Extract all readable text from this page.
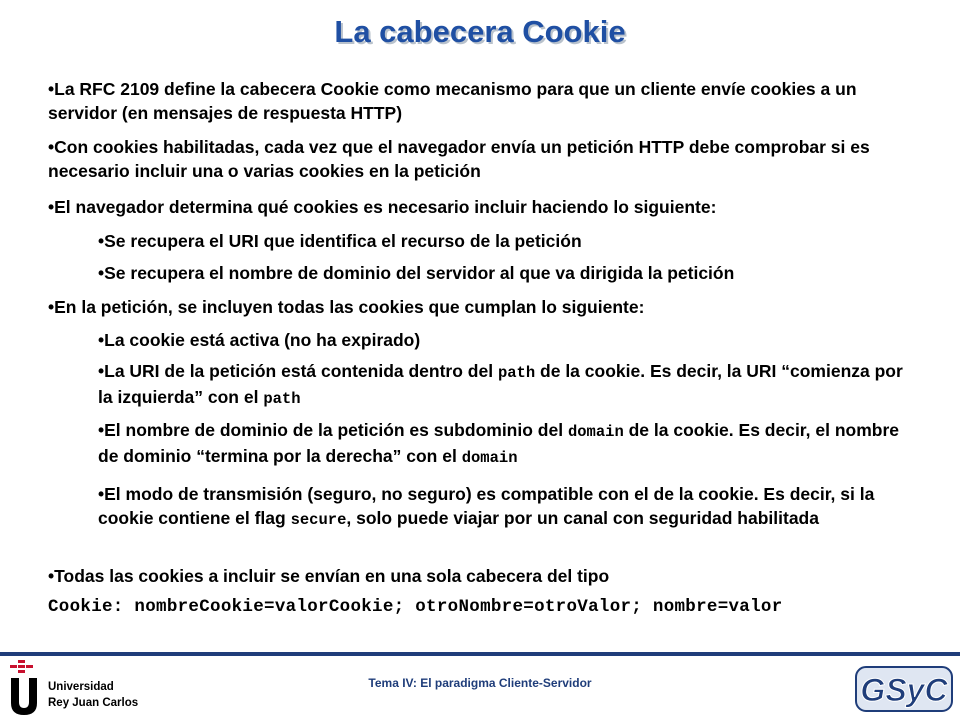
La cabecera Cookie
•La RFC 2109 define la cabecera Cookie como mecanismo para que un cliente envíe cookies a un servidor (en mensajes de respuesta HTTP)
•Con cookies habilitadas, cada vez que el navegador envía un petición HTTP debe comprobar si es necesario incluir una o varias cookies en la petición
•El navegador determina qué cookies es necesario incluir haciendo lo siguiente:
•Se recupera el URI que identifica el recurso de la petición
•Se recupera el nombre de dominio del servidor al que va dirigida la petición
•En la petición, se incluyen todas las cookies que cumplan lo siguiente:
•La cookie está activa (no ha expirado)
•La URI de la petición está contenida dentro del path de la cookie. Es decir, la URI “comienza por la izquierda” con el path
•El nombre de dominio de la petición es subdominio del domain de la cookie. Es decir, el nombre de dominio “termina por la derecha” con el domain
•El modo de transmisión (seguro, no seguro) es compatible con el de la cookie. Es decir, si la cookie contiene el flag secure, solo puede viajar por un canal con seguridad habilitada
•Todas las cookies a incluir se envían en una sola cabecera del tipo
Cookie: nombreCookie=valorCookie; otroNombre=otroValor; nombre=valor
Tema IV: El paradigma Cliente-Servidor
Universidad
Rey Juan Carlos	GSyC
